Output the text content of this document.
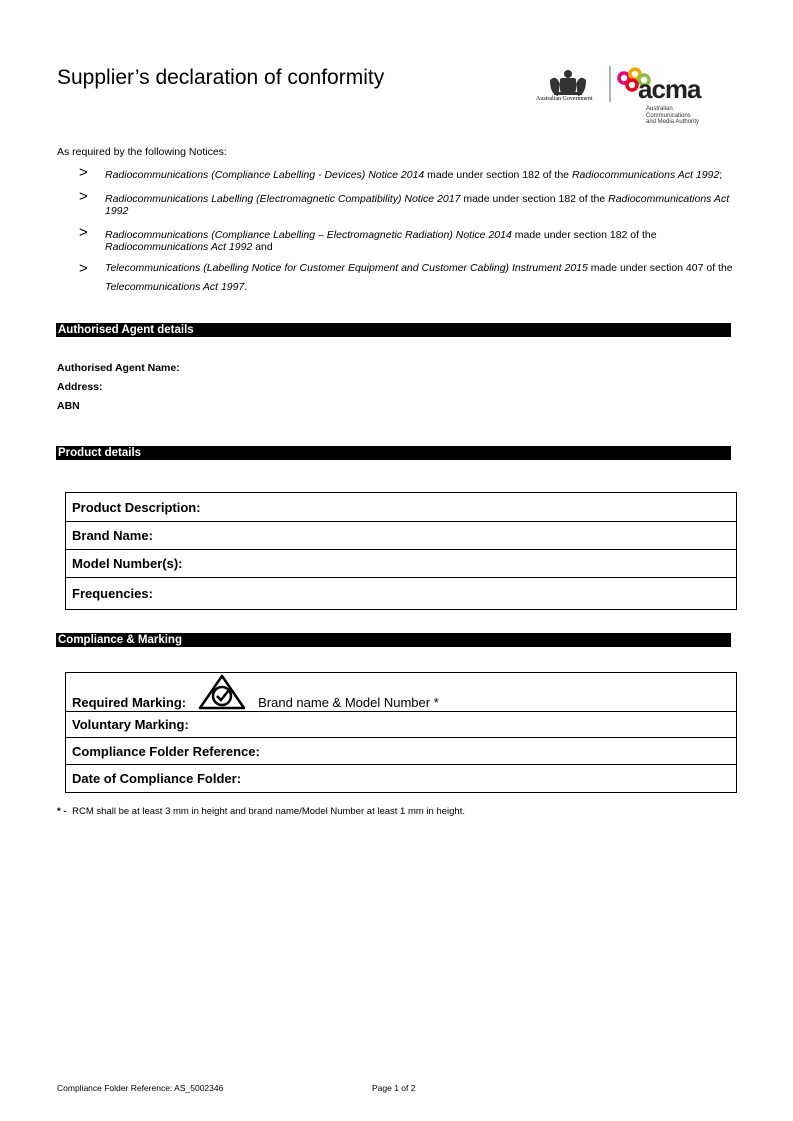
Supplier’s declaration of conformity
Australian Government acma
Australian
Communications
and Media Authority
As required by the following Notices:
> Radiocommunications (Compliance Labelling - Devices) Notice 2014 made under section 182 of the Radiocommunications Act 1992;
> Radiocommunications Labelling (Electromagnetic Compatibility) Notice 2017 made under section 182 of the Radiocommunications Act 1992
> Radiocommunications (Compliance Labelling – Electromagnetic Radiation) Notice 2014 made under section 182 of the Radiocommunications Act 1992 and
> Telecommunications (Labelling Notice for Customer Equipment and Customer Cabling) Instrument 2015 made under section 407 of the Telecommunications Act 1997.
Authorised Agent details
Authorised Agent Name:
Address:
ABN
Product details
Product Description:
Brand Name:
Model Number(s):
Frequencies:
Compliance & Marking
Required Marking:	Brand name & Model Number *

Voluntary Marking:
Compliance Folder Reference:
Date of Compliance Folder:
* - RCM shall be at least 3 mm in height and brand name/Model Number at least 1 mm in height.
Compliance Folder Reference: AS_5002346	Page 1 of 2
